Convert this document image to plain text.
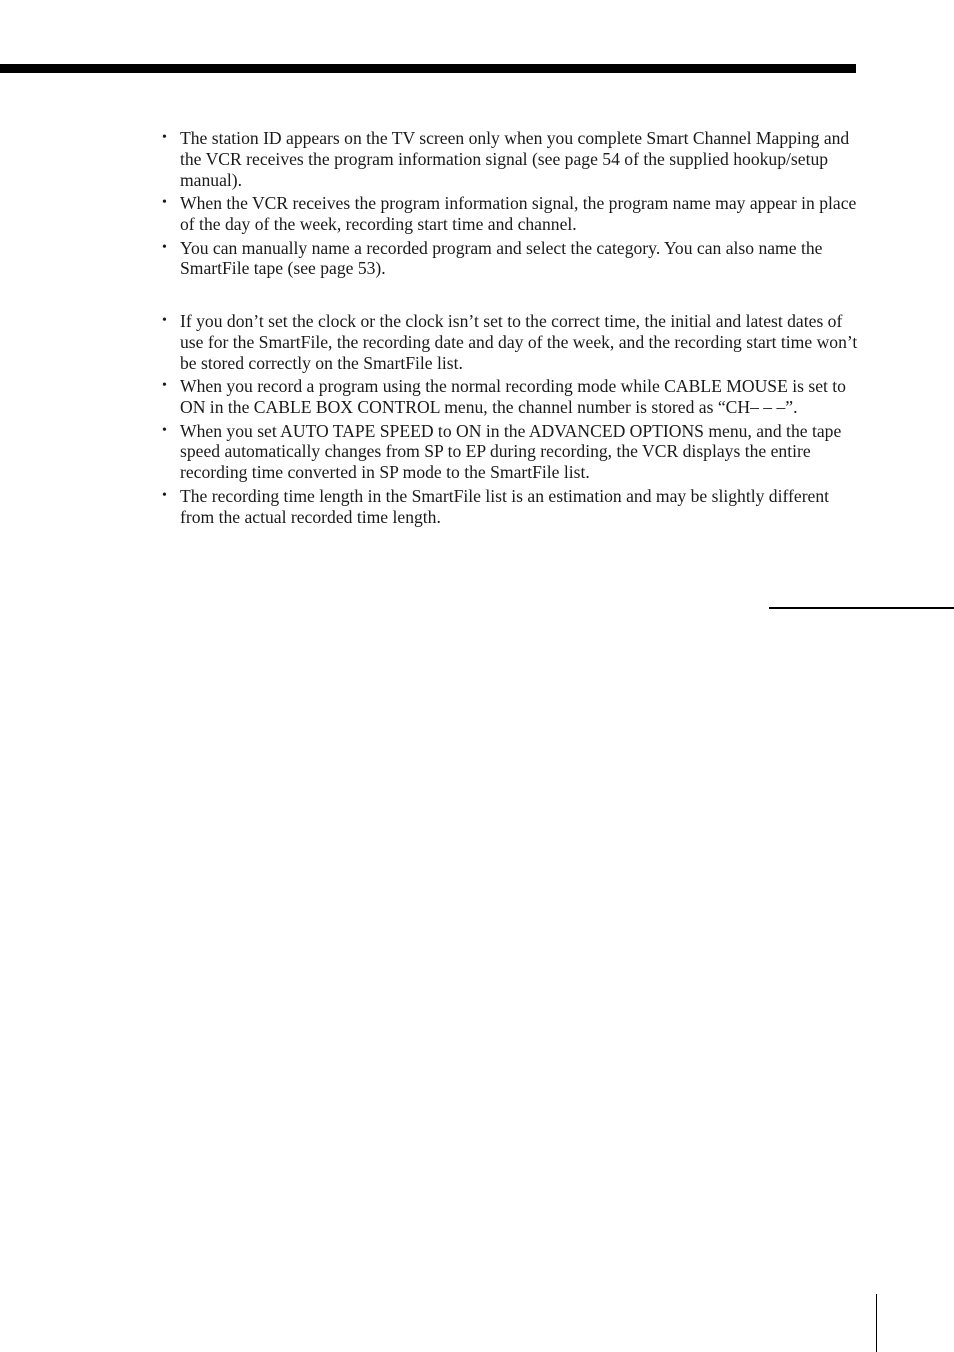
• The station ID appears on the TV screen only when you complete Smart Channel Mapping and the VCR receives the program information signal (see page 54 of the supplied hookup/setup manual).
• When the VCR receives the program information signal, the program name may appear in place of the day of the week, recording start time and channel.
• You can manually name a recorded program and select the category. You can also name the SmartFile tape (see page 53).
• If you don’t set the clock or the clock isn’t set to the correct time, the initial and latest dates of use for the SmartFile, the recording date and day of the week, and the recording start time won’t be stored correctly on the SmartFile list.
• When you record a program using the normal recording mode while CABLE MOUSE is set to ON in the CABLE BOX CONTROL menu, the channel number is stored as “CH– – –”.
• When you set AUTO TAPE SPEED to ON in the ADVANCED OPTIONS menu, and the tape speed automatically changes from SP to EP during recording, the VCR displays the entire recording time converted in SP mode to the SmartFile list.
• The recording time length in the SmartFile list is an estimation and may be slightly different from the actual recorded time length.
